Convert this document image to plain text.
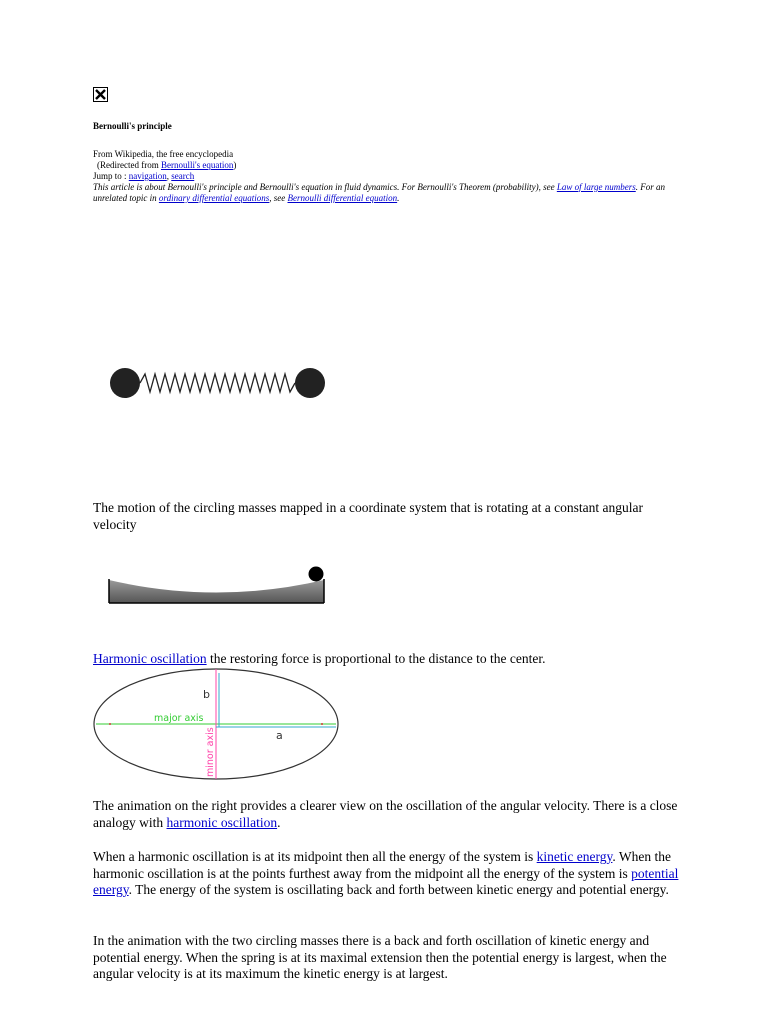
Bernoulli's principle
From Wikipedia, the free encyclopedia
(Redirected from Bernoulli's equation)
Jump to : navigation, search
This article is about Bernoulli's principle and Bernoulli's equation in fluid dynamics. For Bernoulli's Theorem (probability), see Law of large numbers. For an unrelated topic in ordinary differential equations, see Bernoulli differential equation.
The motion of the circling masses mapped in a coordinate system that is rotating at a constant angular velocity
Harmonic oscillation the restoring force is proportional to the distance to the center.
major axis
minor axis	a
b
The animation on the right provides a clearer view on the oscillation of the angular velocity. There is a close analogy with harmonic oscillation.
When a harmonic oscillation is at its midpoint then all the energy of the system is kinetic energy. When the harmonic oscillation is at the points furthest away from the midpoint all the energy of the system is potential energy. The energy of the system is oscillating back and forth between kinetic energy and potential energy.
In the animation with the two circling masses there is a back and forth oscillation of kinetic energy and potential energy. When the spring is at its maximal extension then the potential energy is largest, when the angular velocity is at its maximum the kinetic energy is at largest.
